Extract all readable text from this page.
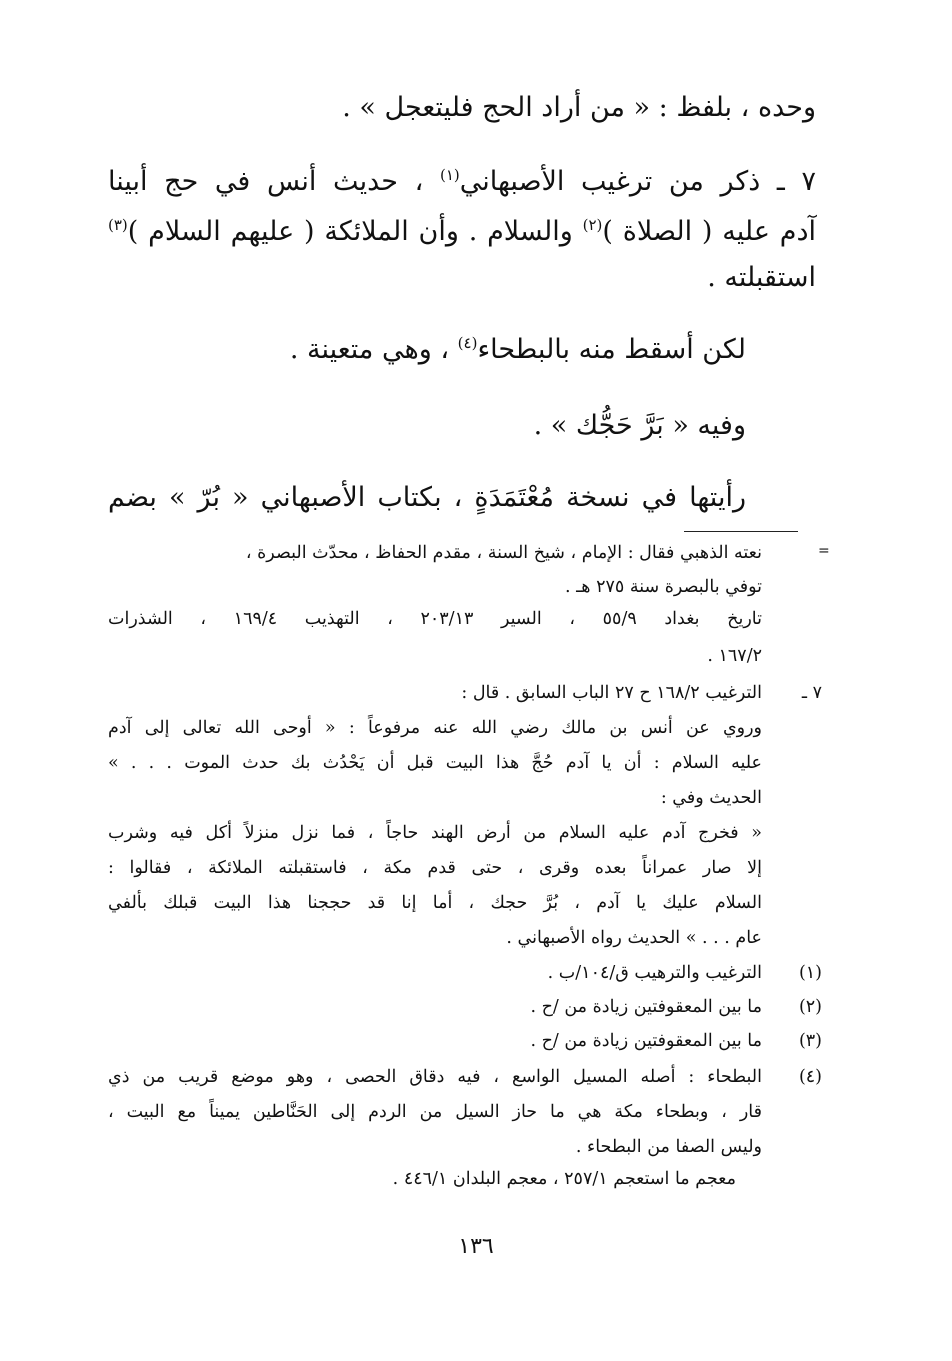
وحده ، بلفظ : « من أراد الحج فليتعجل » .

٧ ـ ذكر من ترغيب الأصبهاني$^{(١)}$ ، حديث أنس في حج أبينا

آدم عليه ( الصلاة )$^{(٢)}$ والسلام . وأن الملائكة ( عليهم السلام )$^{(٣)}$

استقبلته .

لكن أسقط منه بالبطحاء$^{(٤)}$ ، وهي متعينة .

وفيه « بَرَّ حَجُّك » .

رأيتها في نسخة مُعْتَمَدَةٍ ، بكتاب الأصبهاني « بُرّ » بضم

=

نعته الذهبي فقال : الإمام ، شيخ السنة ، مقدم الحفاظ ، محدّث البصرة ،

توفي بالبصرة سنة ٢٧٥ هـ .

تاريخ بغداد ٥٥/٩ ، السير ٢٠٣/١٣ ، التهذيب ١٦٩/٤ ، الشذرات

١٦٧/٢ .

٧ ـ

الترغيب ١٦٨/٢ ح ٢٧ الباب السابق . قال :

وروي عن أنس بن مالك رضي الله عنه مرفوعاً : « أوحى الله تعالى إلى آدم

عليه السلام : أن يا آدم حُجَّ هذا البيت قبل أن يَحْدُث بك حدث الموت . . . »

الحديث وفي :

« فخرج آدم عليه السلام من أرض الهند حاجاً ، فما نزل منزلاً أكل فيه وشرب

إلا صار عمراناً بعده وقرى ، حتى قدم مكة ، فاستقبلته الملائكة ، فقالوا :

السلام عليك يا آدم ، بُرَّ حجك ، أما إنا قد حججنا هذا البيت قبلك بألفي

عام . . . » الحديث رواه الأصبهاني .

(١)

الترغيب والترهيب ق/١٠٤/ب .

(٢)

ما بين المعقوفتين زيادة من /ح .

(٣)

ما بين المعقوفتين زيادة من /ح .

(٤)

البطحاء : أصله المسيل الواسع ، فيه دقاق الحصى ، وهو موضع قريب من ذي

قار ، وبطحاء مكة هي ما حاز السيل من الردم إلى الحَنَّاطين يميناً مع البيت ،

وليس الصفا من البطحاء .

معجم ما استعجم ٢٥٧/١ ، معجم البلدان ٤٤٦/١ .

١٣٦
